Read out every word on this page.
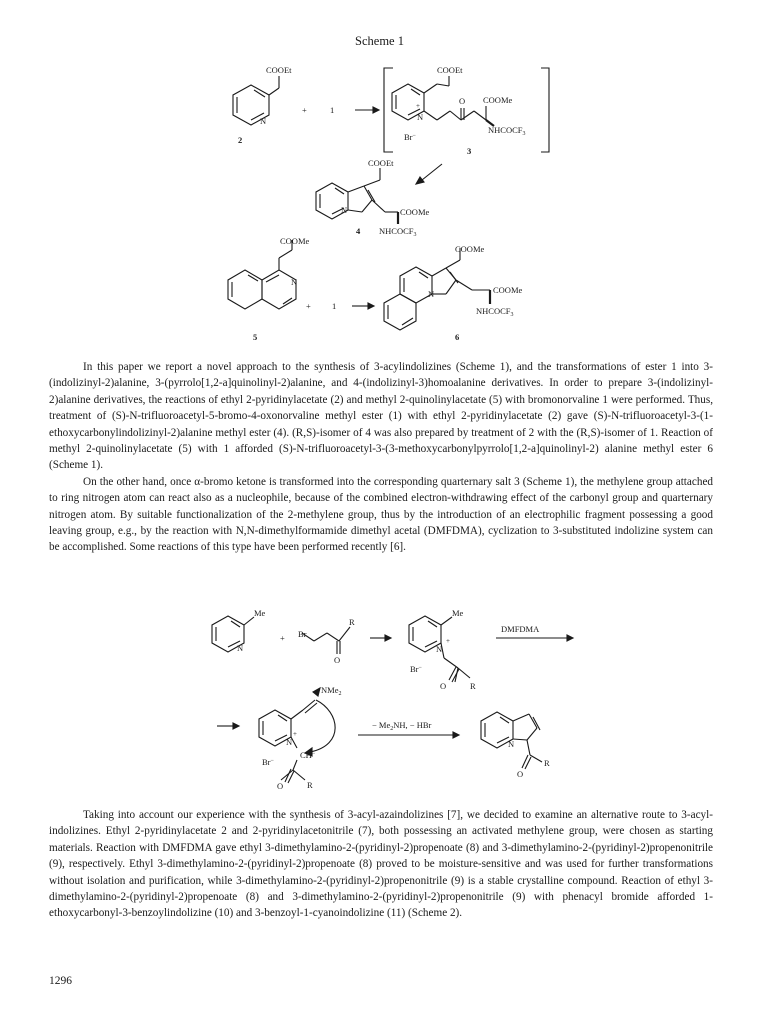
Scheme 1
COOEt
N
2
+	1
COOEt
O COOMe
N
+
$NHCOCF_3$
Br−
3
COOEt
N	COOMe
$NHCOCF_3$
4
COOMe
N
+ 1
5
COOMe
N	COOMe
$NHCOCF_3$
6

In this paper we report a novel approach to the synthesis of 3-acylindolizines (Scheme 1), and the transformations of ester 1 into 3-(indolizinyl-2)alanine, 3-(pyrrolo[1,2-a]quinolinyl-2)alanine, and 4-(indolizinyl-3)homoalanine derivatives. In order to prepare 3-(indolizinyl-2)alanine derivatives, the reactions of ethyl 2-pyridinylacetate (2) and methyl 2-quinolinylacetate (5) with bromonorvaline 1 were performed. Thus, treatment of (S)-N-trifluoroacetyl-5-bromo-4-oxonorvaline methyl ester (1) with ethyl 2-pyridinylacetate (2) gave (S)-N-trifluoroacetyl-3-(1-ethoxycarbonylindolizinyl-2)alanine methyl ester (4). (R,S)-isomer of 4 was also prepared by treatment of 2 with the (R,S)-isomer of 1. Reaction of methyl 2-quinolinylacetate (5) with 1 afforded (S)-N-trifluoroacetyl-3-(3-methoxycarbonylpyrrolo[1,2-a]quinolinyl-2) alanine methyl ester 6 (Scheme 1).

On the other hand, once α-bromo ketone is transformed into the corresponding quarternary salt 3 (Scheme 1), the methylene group attached to ring nitrogen atom can react also as a nucleophile, because of the combined electron-withdrawing effect of the carbonyl group and quarternary nitrogen atom. By suitable functionalization of the 2-methylene group, thus by the introduction of an electrophilic fragment possessing a good leaving group, e.g., by the reaction with N,N-dimethylformamide dimethyl acetal (DMFDMA), cyclization to 3-substituted indolizine system can be accomplished. Some reactions of this type have been performed recently [6].

Me
N
+ Br
R
O
Me
N
+
Br−
O	R
DMFDMA
NMe$_2$
N
+
CH−
Br−
O	R
− $Me_2NH$, − HBr
N
R
O

Taking into account our experience with the synthesis of 3-acyl-azaindolizines [7], we decided to examine an alternative route to 3-acyl-indolizines. Ethyl 2-pyridinylacetate 2 and 2-pyridinylacetonitrile (7), both possessing an activated methylene group, were chosen as starting materials. Reaction with DMFDMA gave ethyl 3-dimethylamino-2-(pyridinyl-2)propenoate (8) and 3-dimethylamino-2-(pyridinyl-2)propenonitrile (9), respectively. Ethyl 3-dimethylamino-2-(pyridinyl-2)propenoate (8) proved to be moisture-sensitive and was used for further transformations without isolation and purification, while 3-dimethylamino-2-(pyridinyl-2)propenonitrile (9) is a stable crystalline compound. Reaction of ethyl 3-dimethylamino-2-(pyridinyl-2)propenoate (8) and 3-dimethylamino-2-(pyridinyl-2)propenonitrile (9) with phenacyl bromide afforded 1-ethoxycarbonyl-3-benzoylindolizine (10) and 3-benzoyl-1-cyanoindolizine (11) (Scheme 2).

1296
